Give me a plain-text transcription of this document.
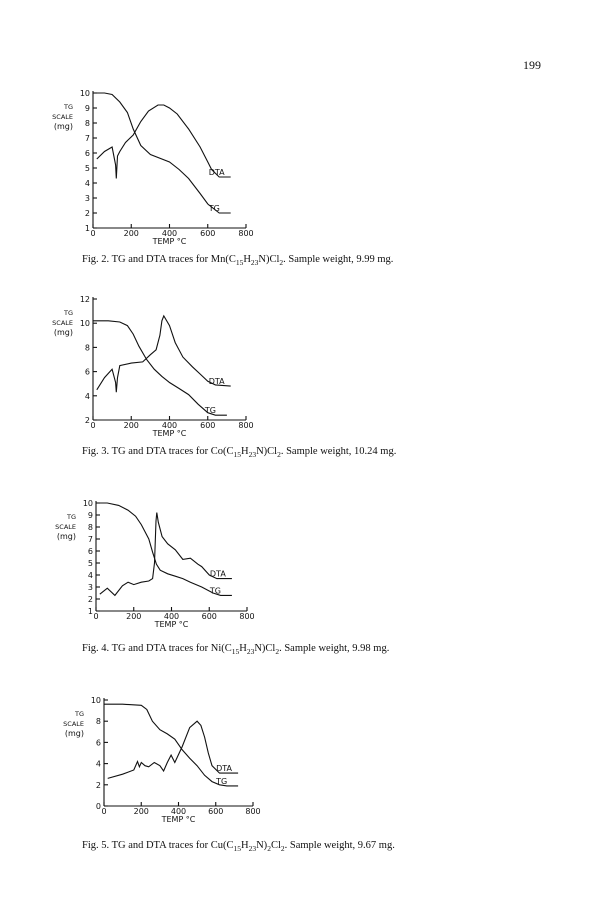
199
1
2
3
4
5
6
7
8
9
10
0	200	400	600	800
TEMP °C
TG
SCALE
(mg)
TG
DTA
Fig. 2. TG and DTA traces for $Mn(C_{15}H_{23}N)Cl_2$. Sample weight, 9.99 mg.
2
4
6
8
10
12
0	200	400	600	800
TEMP °C
TG
SCALE
(mg)
TG
DTA
Fig. 3. TG and DTA traces for $Co(C_{15}H_{23}N)Cl_2$. Sample weight, 10.24 mg.
1
2
3
4
5
6
7
8
9
10
0	200	400	600	800
TEMP °C
TG
SCALE
(mg)
TG
DTA
Fig. 4. TG and DTA traces for $Ni(C_{15}H_{23}N)Cl_2$. Sample weight, 9.98 mg.
0
2
4
6
8
10
0	200	400	600	800
TEMP °C
TG
SCALE
(mg)
TG
DTA
Fig. 5. TG and DTA traces for $Cu(C_{15}H_{23}N)_2Cl_2$. Sample weight, 9.67 mg.
